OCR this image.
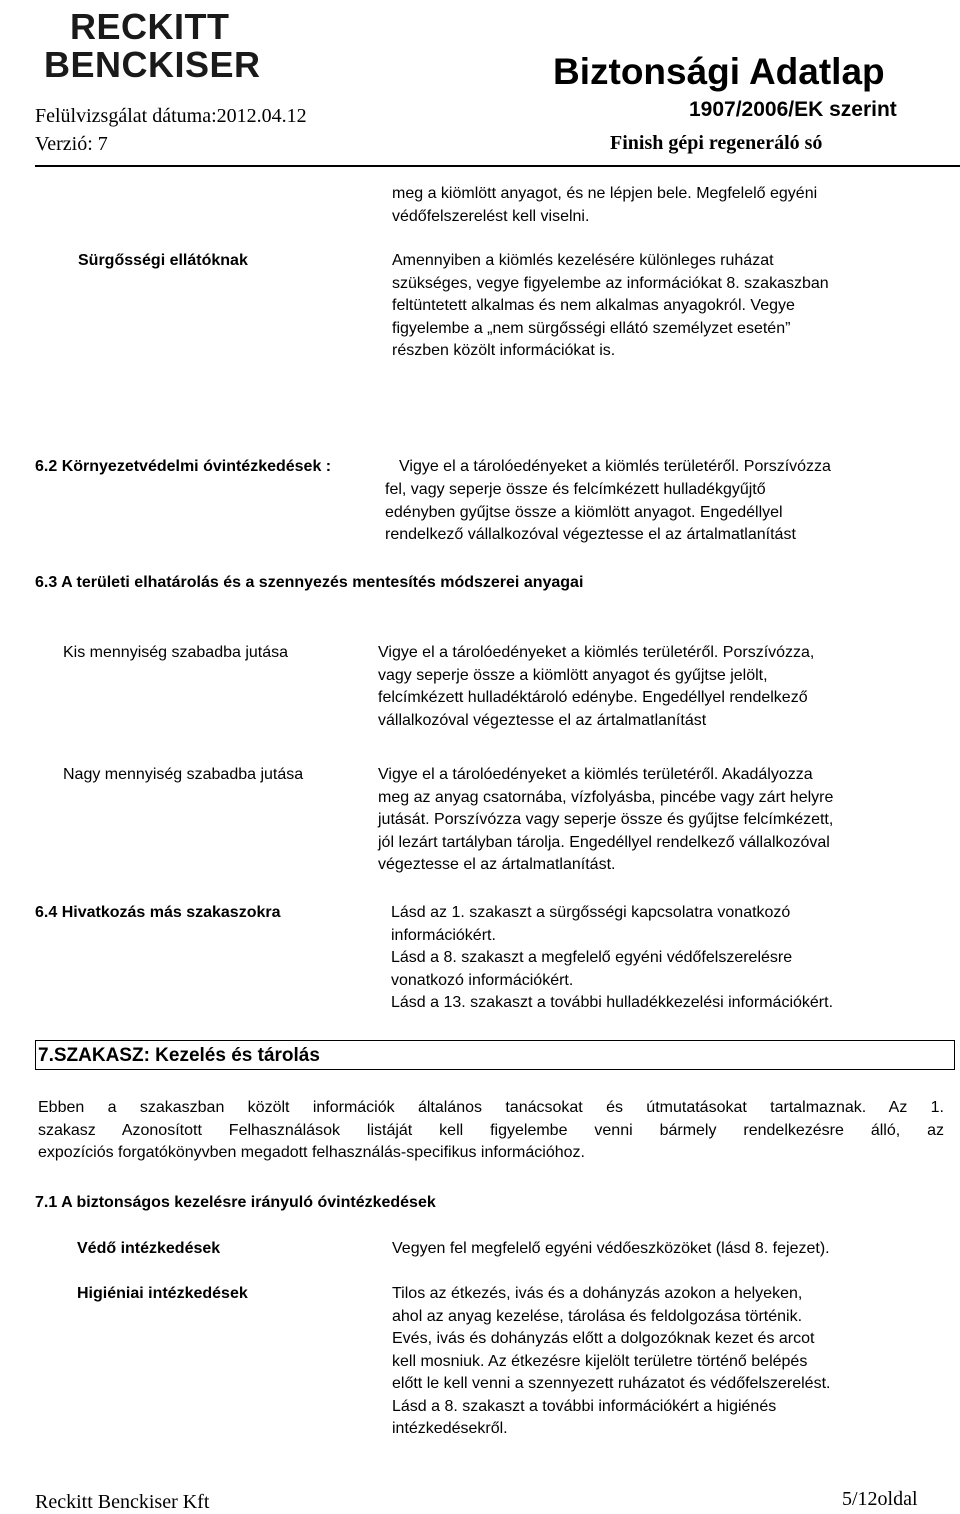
RECKITT
BENCKISER	Biztonsági Adatlap
Felülvizsgálat dátuma:2012.04.12	1907/2006/EK szerint
Verzió: 7	Finish gépi regeneráló só
meg a kiömlött anyagot, és ne lépjen bele. Megfelelő egyéni
védőfelszerelést kell viselni.
Sürgősségi ellátóknak	Amennyiben a kiömlés kezelésére különleges ruházat
szükséges, vegye figyelembe az információkat 8. szakaszban
feltüntetett alkalmas és nem alkalmas anyagokról. Vegye
figyelembe a „nem sürgősségi ellátó személyzet esetén”
részben közölt információkat is.
6.2 Környezetvédelmi óvintézkedések :	Vigye el a tárolóedényeket a kiömlés területéről. Porszívózza
fel, vagy seperje össze és felcímkézett hulladékgyűjtő
edényben gyűjtse össze a kiömlött anyagot. Engedéllyel
rendelkező vállalkozóval végeztesse el az ártalmatlanítást
6.3 A területi elhatárolás és a szennyezés mentesítés módszerei anyagai
Kis mennyiség szabadba jutása	Vigye el a tárolóedényeket a kiömlés területéről. Porszívózza,
vagy seperje össze a kiömlött anyagot és gyűjtse jelölt,
felcímkézett hulladéktároló edénybe. Engedéllyel rendelkező
vállalkozóval végeztesse el az ártalmatlanítást
Nagy mennyiség szabadba jutása	Vigye el a tárolóedényeket a kiömlés területéről. Akadályozza
meg az anyag csatornába, vízfolyásba, pincébe vagy zárt helyre
jutását. Porszívózza vagy seperje össze és gyűjtse felcímkézett,
jól lezárt tartályban tárolja. Engedéllyel rendelkező vállalkozóval
végeztesse el az ártalmatlanítást.
6.4 Hivatkozás más szakaszokra	Lásd az 1. szakaszt a sürgősségi kapcsolatra vonatkozó
információkért.
Lásd a 8. szakaszt a megfelelő egyéni védőfelszerelésre
vonatkozó információkért.
Lásd a 13. szakaszt a további hulladékkezelési információkért.
7.SZAKASZ: Kezelés és tárolás
Ebben a szakaszban közölt információk általános tanácsokat és útmutatásokat tartalmaznak. Az 1.
szakasz Azonosított Felhasználások listáját kell figyelembe venni bármely rendelkezésre álló, az
expozíciós forgatókönyvben megadott felhasználás-specifikus információhoz.
7.1 A biztonságos kezelésre irányuló óvintézkedések
Védő intézkedések	Vegyen fel megfelelő egyéni védőeszközöket (lásd 8. fejezet).
Higiéniai intézkedések	Tilos az étkezés, ivás és a dohányzás azokon a helyeken,
ahol az anyag kezelése, tárolása és feldolgozása történik.
Evés, ivás és dohányzás előtt a dolgozóknak kezet és arcot
kell mosniuk. Az étkezésre kijelölt területre történő belépés
előtt le kell venni a szennyezett ruházatot és védőfelszerelést.
Lásd a 8. szakaszt a további információkért a higiénés
intézkedésekről.
Reckitt Benckiser Kft	5/12oldal
